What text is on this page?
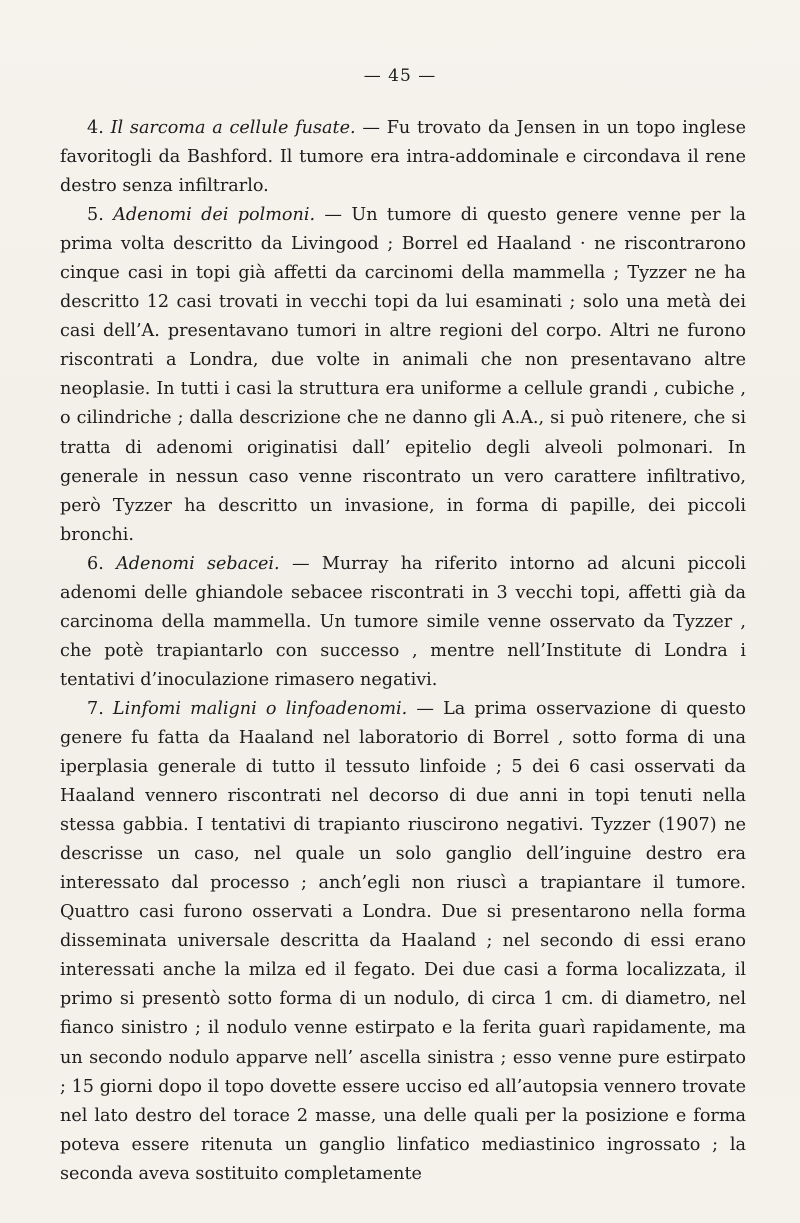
— 45 —

4. Il sarcoma a cellule fusate. — Fu trovato da Jensen in un topo inglese favoritogli da Bashford. Il tumore era intra-addominale e circondava il rene destro senza infiltrarlo.

5. Adenomi dei polmoni. — Un tumore di questo genere venne per la prima volta descritto da Livingood ; Borrel ed Haaland · ne riscontrarono cinque casi in topi già affetti da carcinomi della mammella ; Tyzzer ne ha descritto 12 casi trovati in vecchi topi da lui esaminati ; solo una metà dei casi dell’A. presentavano tumori in altre regioni del corpo. Altri ne furono riscontrati a Londra, due volte in animali che non presentavano altre neoplasie. In tutti i casi la struttura era uniforme a cellule grandi , cubiche , o cilindriche ; dalla descrizione che ne danno gli A.A., si può ritenere, che si tratta di adenomi originatisi dall’ epitelio degli alveoli polmonari. In generale in nessun caso venne riscontrato un vero carattere infiltrativo, però Tyzzer ha descritto un invasione, in forma di papille, dei piccoli bronchi.

6. Adenomi sebacei. — Murray ha riferito intorno ad alcuni piccoli adenomi delle ghiandole sebacee riscontrati in 3 vecchi topi, affetti già da carcinoma della mammella. Un tumore simile venne osservato da Tyzzer , che potè trapiantarlo con successo , mentre nell’Institute di Londra i tentativi d’inoculazione rimasero negativi.

7. Linfomi maligni o linfoadenomi. — La prima osservazione di questo genere fu fatta da Haaland nel laboratorio di Borrel , sotto forma di una iperplasia generale di tutto il tessuto linfoide ; 5 dei 6 casi osservati da Haaland vennero riscontrati nel decorso di due anni in topi tenuti nella stessa gabbia. I tentativi di trapianto riuscirono negativi. Tyzzer (1907) ne descrisse un caso, nel quale un solo ganglio dell’inguine destro era interessato dal processo ; anch’egli non riuscì a trapiantare il tumore. Quattro casi furono osservati a Londra. Due si presentarono nella forma disseminata universale descritta da Haaland ; nel secondo di essi erano interessati anche la milza ed il fegato. Dei due casi a forma localizzata, il primo si presentò sotto forma di un nodulo, di circa 1 cm. di diametro, nel fianco sinistro ; il nodulo venne estirpato e la ferita guarì rapidamente, ma un secondo nodulo apparve nell’ ascella sinistra ; esso venne pure estirpato ; 15 giorni dopo il topo dovette essere ucciso ed all’autopsia vennero trovate nel lato destro del torace 2 masse, una delle quali per la posizione e forma poteva essere ritenuta un ganglio linfatico mediastinico ingrossato ; la seconda aveva sostituito completamente
